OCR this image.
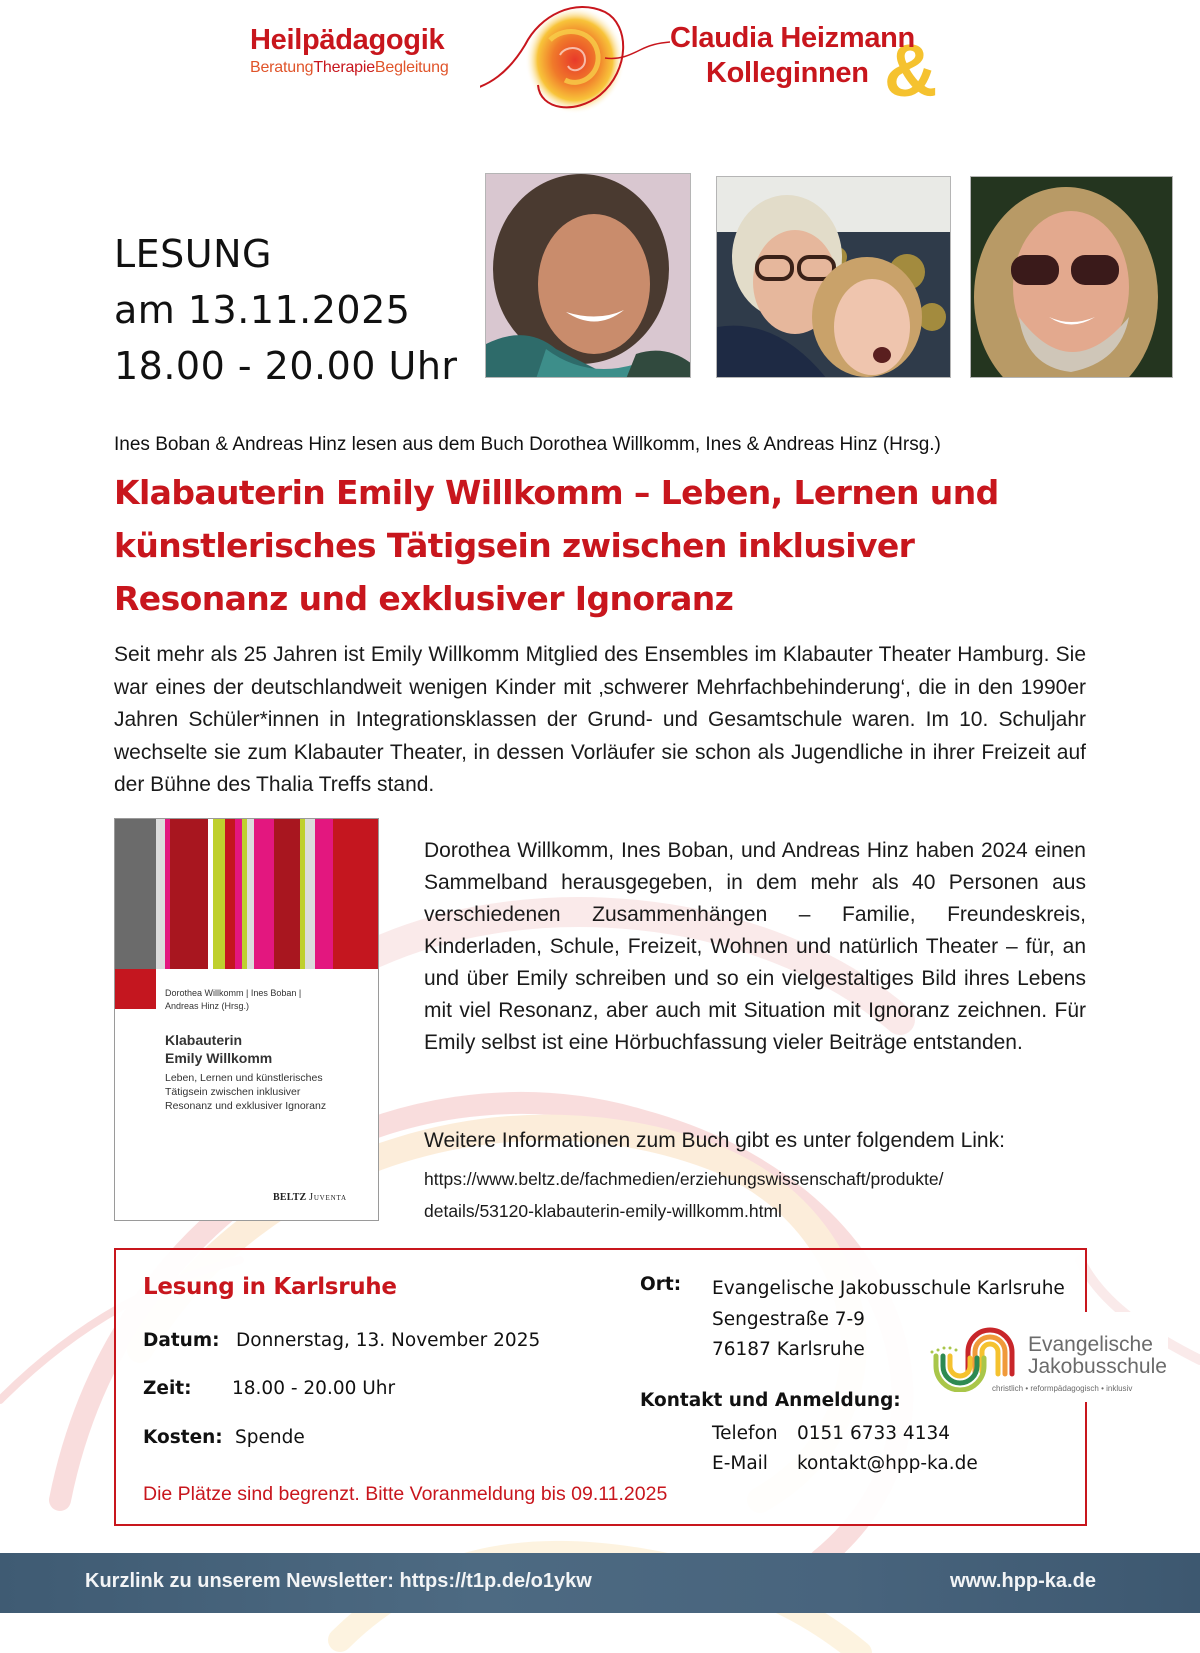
Heilpädagogik
BeratungTherapieBegleitung
Claudia Heizmann
Kolleginnen &
LESUNG
am 13.11.2025
18.00 - 20.00 Uhr
Ines Boban & Andreas Hinz lesen aus dem Buch Dorothea Willkomm, Ines & Andreas Hinz (Hrsg.)
Klabauterin Emily Willkomm – Leben, Lernen und
künstlerisches Tätigsein zwischen inklusiver
Resonanz und exklusiver Ignoranz
Seit mehr als 25 Jahren ist Emily Willkomm Mitglied des Ensembles im Klabauter Theater Hamburg. Sie war eines der deutschlandweit wenigen Kinder mit ‚schwerer Mehrfachbehinderung‘, die in den 1990er Jahren Schüler*innen in Integrationsklassen der Grund- und Gesamtschule waren. Im 10. Schuljahr wechselte sie zum Klabauter Theater, in dessen Vorläufer sie schon als Jugendliche in ihrer Freizeit auf der Bühne des Thalia Treffs stand.
Dorothea Willkomm | Ines Boban |
Andreas Hinz (Hrsg.)
Klabauterin
Emily Willkomm
Leben, Lernen und künstlerisches
Tätigsein zwischen inklusiver
Resonanz und exklusiver Ignoranz
BELTZ Juventa
Dorothea Willkomm, Ines Boban, und Andreas Hinz haben 2024 einen Sammelband herausgegeben, in dem mehr als 40 Personen aus verschiedenen Zusammenhängen – Familie, Freundeskreis, Kinderladen, Schule, Freizeit, Wohnen und natürlich Theater – für, an und über Emily schreiben und so ein vielgestaltiges Bild ihres Lebens mit viel Resonanz, aber auch mit Situation mit Ignoranz zeichnen. Für Emily selbst ist eine Hörbuchfassung vieler Beiträge entstanden.
Weitere Informationen zum Buch gibt es unter folgendem Link:
https://www.beltz.de/fachmedien/erziehungswissenschaft/produkte/
details/53120-klabauterin-emily-willkomm.html
Lesung in Karlsruhe
Datum: Donnerstag, 13. November 2025
Zeit: 18.00 - 20.00 Uhr
Kosten: Spende
Ort: Evangelische Jakobusschule Karlsruhe
Sengestraße 7-9
76187 Karlsruhe
Kontakt und Anmeldung:
Telefon 0151 6733 4134
E-Mail kontakt@hpp-ka.de
Die Plätze sind begrenzt. Bitte Voranmeldung bis 09.11.2025
Evangelische
Jakobusschule
christlich • reformpädagogisch • inklusiv
Kurzlink zu unserem Newsletter: https://t1p.de/o1ykw	www.hpp-ka.de
